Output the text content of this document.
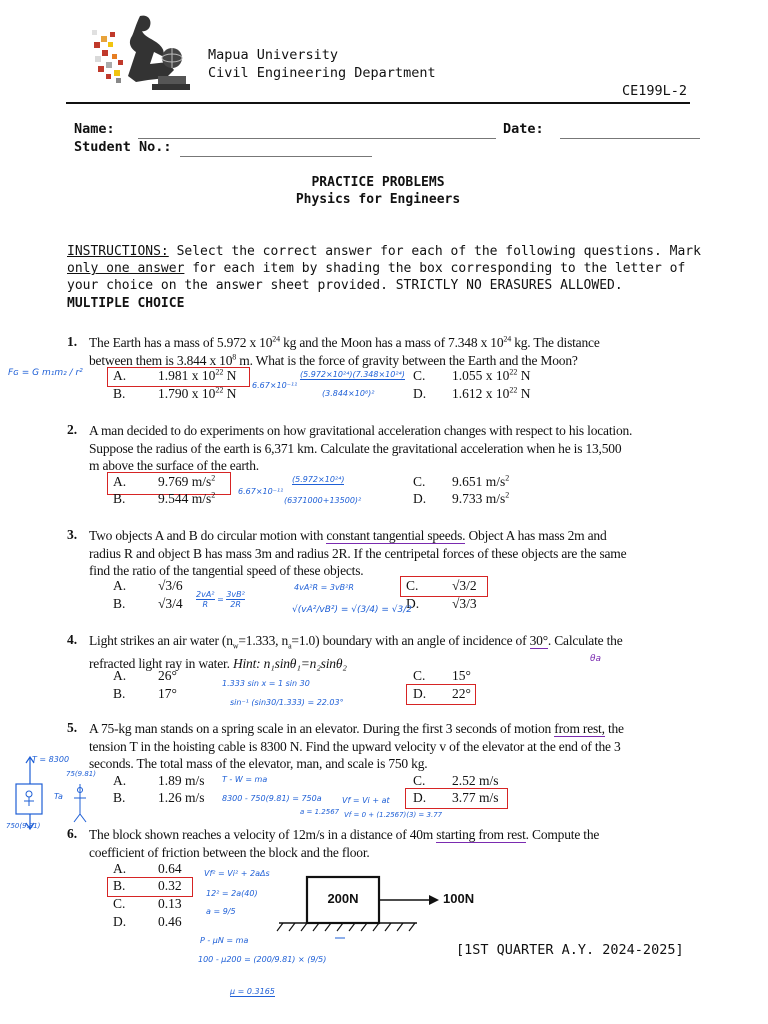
Mapua University
Civil Engineering Department
CE199L-2
Name:	Date:
Student No.:
PRACTICE PROBLEMS
Physics for Engineers

INSTRUCTIONS: Select the correct answer for each of the following questions. Mark
only one answer for each item by shading the box corresponding to the letter of
your choice on the answer sheet provided. STRICTLY NO ERASURES ALLOWED.

MULTIPLE CHOICE
1. The Earth has a mass of 5.972 x $10^{24}$ kg and the Moon has a mass of 7.348 x $10^{24}$ kg. The distance
between them is 3.844 x $10^8$ m. What is the force of gravity between the Earth and the Moon?
A. 1.981 x $10^{22}$ N
B. 1.790 x $10^{22}$ N
C. 1.055 x $10^{22}$ N
D. 1.612 x $10^{22}$ N
Fɢ = G m₁m₂ / r²
6.67×10⁻¹¹
(5.972×10²⁴)(7.348×10²⁴)
(3.844×10⁸)²
2. A man decided to do experiments on how gravitational acceleration changes with respect to his location.
Suppose the radius of the earth is 6,371 km. Calculate the gravitational acceleration when he is 13,500
m above the surface of the earth.
A. 9.769 $m/s^2$
B. 9.544 $m/s^2$
C. 9.651 $m/s^2$
D. 9.733 $m/s^2$
6.67×10⁻¹¹
(5.972×10²⁴)
(6371000+13500)²
3. Two objects A and B do circular motion with constant tangential speeds. Object A has mass 2m and
radius R and object B has mass 3m and radius 2R. If the centripetal forces of these objects are the same
find the ratio of the tangential speed of these objects.
A. √3/6
B. √3/4
C. √3/2
D. √3/3
$\frac{\text{2vA²}}{R} = \frac{\text{3vB²}}{2R}$
4vA²R = 3vB²R
√(vA²/vB²) = √(3/4) = √3/2
4. Light strikes an air water ($n_w=1.333$, $n_a=1.0$) boundary with an angle of incidence of 30°. Calculate the
refracted light ray in water. Hint: n₁sinθ₁=n₂sinθ₂	θa
A. 26°
B. 17°
C. 15°
D. 22°
1.333 sin x = 1 sin 30
sin⁻¹ (sin30/1.333) = 22.03°
5. A 75-kg man stands on a spring scale in an elevator. During the first 3 seconds of motion from rest, the
tension T in the hoisting cable is 8300 N. Find the upward velocity v of the elevator at the end of the 3
seconds. The total mass of the elevator, man, and scale is 750 kg.
A. 1.89 m/s
B. 1.26 m/s
C. 2.52 m/s
D. 3.77 m/s
T = 8300
75(9.81)
Ta
750(9.81)
T - W = ma
8300 - 750(9.81) = 750a
a = 1.2567
Vf = Vi + at
Vf = 0 + (1.2567)(3) = 3.77
6. The block shown reaches a velocity of 12m/s in a distance of 40m starting from rest. Compute the
coefficient of friction between the block and the floor.
A. 0.64
B. 0.32
C. 0.13
D. 0.46
200N	100N
Vf² = Vi² + 2aΔs
12² = 2a(40)
a = 9/5
P - μN = ma
100 - μ200 = (200/9.81) × (9/5)
μ = 0.3165
[1ST QUARTER A.Y. 2024-2025]
